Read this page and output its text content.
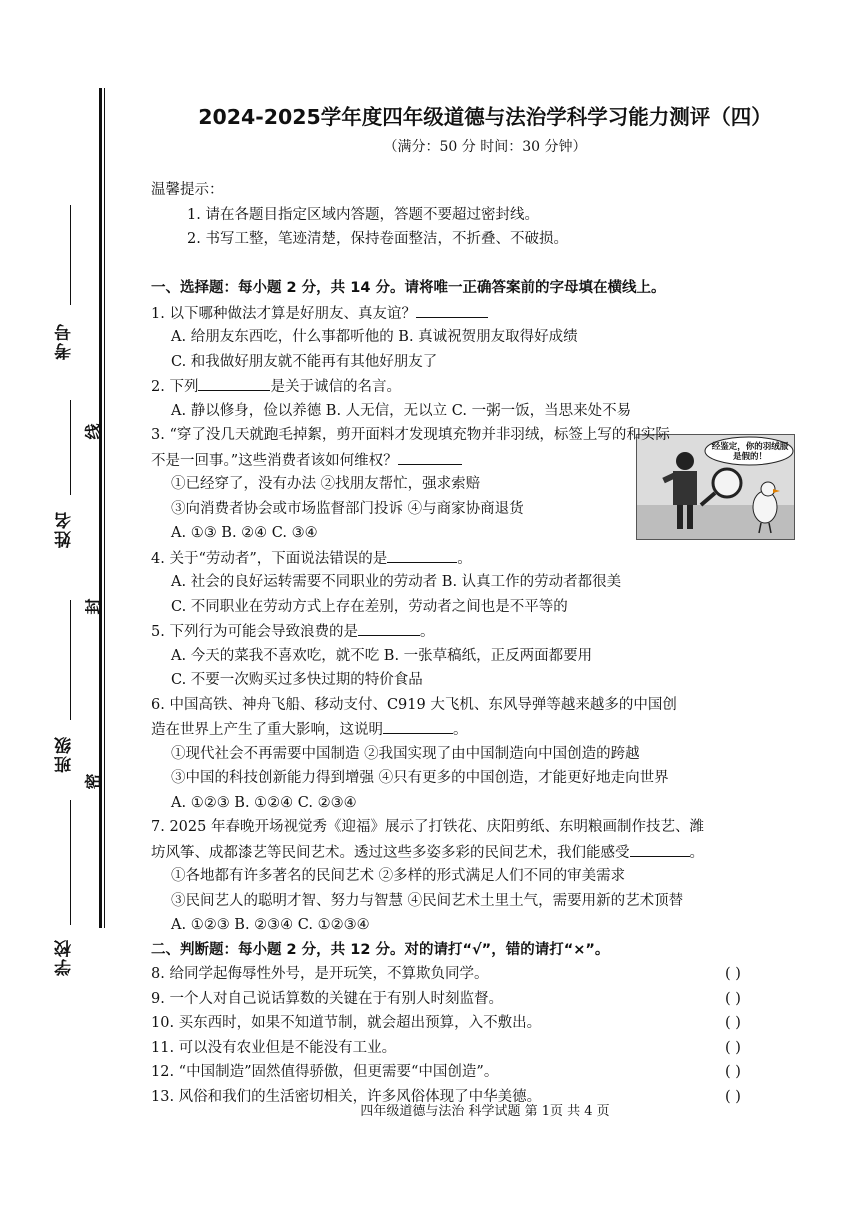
考号
姓名
班级
学校
线
封
密
2024-2025学年度四年级道德与法治学科学习能力测评（四）
（满分：50 分 时间：30 分钟）
经鉴定，你的羽绒服是假的！
温馨提示：
1. 请在各题目指定区域内答题，答题不要超过密封线。
2. 书写工整，笔迹清楚，保持卷面整洁，不折叠、不破损。
一、选择题：每小题 2 分，共 14 分。请将唯一正确答案前的字母填在横线上。
1. 以下哪种做法才算是好朋友、真友谊？
A. 给朋友东西吃，什么事都听他的 B. 真诚祝贺朋友取得好成绩
C. 和我做好朋友就不能再有其他好朋友了
2. 下列	是关于诚信的名言。
A. 静以修身，俭以养德 B. 人无信，无以立 C. 一粥一饭，当思来处不易
3. “穿了没几天就跑毛掉絮，剪开面料才发现填充物并非羽绒，标签上写的和实际
不是一回事。”这些消费者该如何维权？
①已经穿了，没有办法 ②找朋友帮忙，强求索赔
③向消费者协会或市场监督部门投诉 ④与商家协商退货
A. ①③ B. ②④ C. ③④
4. 关于“劳动者”，下面说法错误的是	。
A. 社会的良好运转需要不同职业的劳动者 B. 认真工作的劳动者都很美
C. 不同职业在劳动方式上存在差别，劳动者之间也是不平等的
5. 下列行为可能会导致浪费的是	。
A. 今天的菜我不喜欢吃，就不吃 B. 一张草稿纸，正反两面都要用
C. 不要一次购买过多快过期的特价食品
6. 中国高铁、神舟飞船、移动支付、C919 大飞机、东风导弹等越来越多的中国创
造在世界上产生了重大影响，这说明	。
①现代社会不再需要中国制造 ②我国实现了由中国制造向中国创造的跨越
③中国的科技创新能力得到增强 ④只有更多的中国创造，才能更好地走向世界
A. ①②③ B. ①②④ C. ②③④
7. 2025 年春晚开场视觉秀《迎福》展示了打铁花、庆阳剪纸、东明粮画制作技艺、潍
坊风筝、成都漆艺等民间艺术。透过这些多姿多彩的民间艺术，我们能感受	。
①各地都有许多著名的民间艺术 ②多样的形式满足人们不同的审美需求
③民间艺人的聪明才智、努力与智慧 ④民间艺术土里土气，需要用新的艺术顶替
A. ①②③ B. ②③④ C. ①②③④
二、判断题：每小题 2 分，共 12 分。对的请打“√”，错的请打“×”。
8. 给同学起侮辱性外号，是开玩笑，不算欺负同学。	( )
9. 一个人对自己说话算数的关键在于有别人时刻监督。	( )
10. 买东西时，如果不知道节制，就会超出预算，入不敷出。	( )
11. 可以没有农业但是不能没有工业。	( )
12. “中国制造”固然值得骄傲，但更需要“中国创造”。	( )
13. 风俗和我们的生活密切相关，许多风俗体现了中华美德。	( )
四年级道德与法治 科学试题 第 1页 共 4 页
